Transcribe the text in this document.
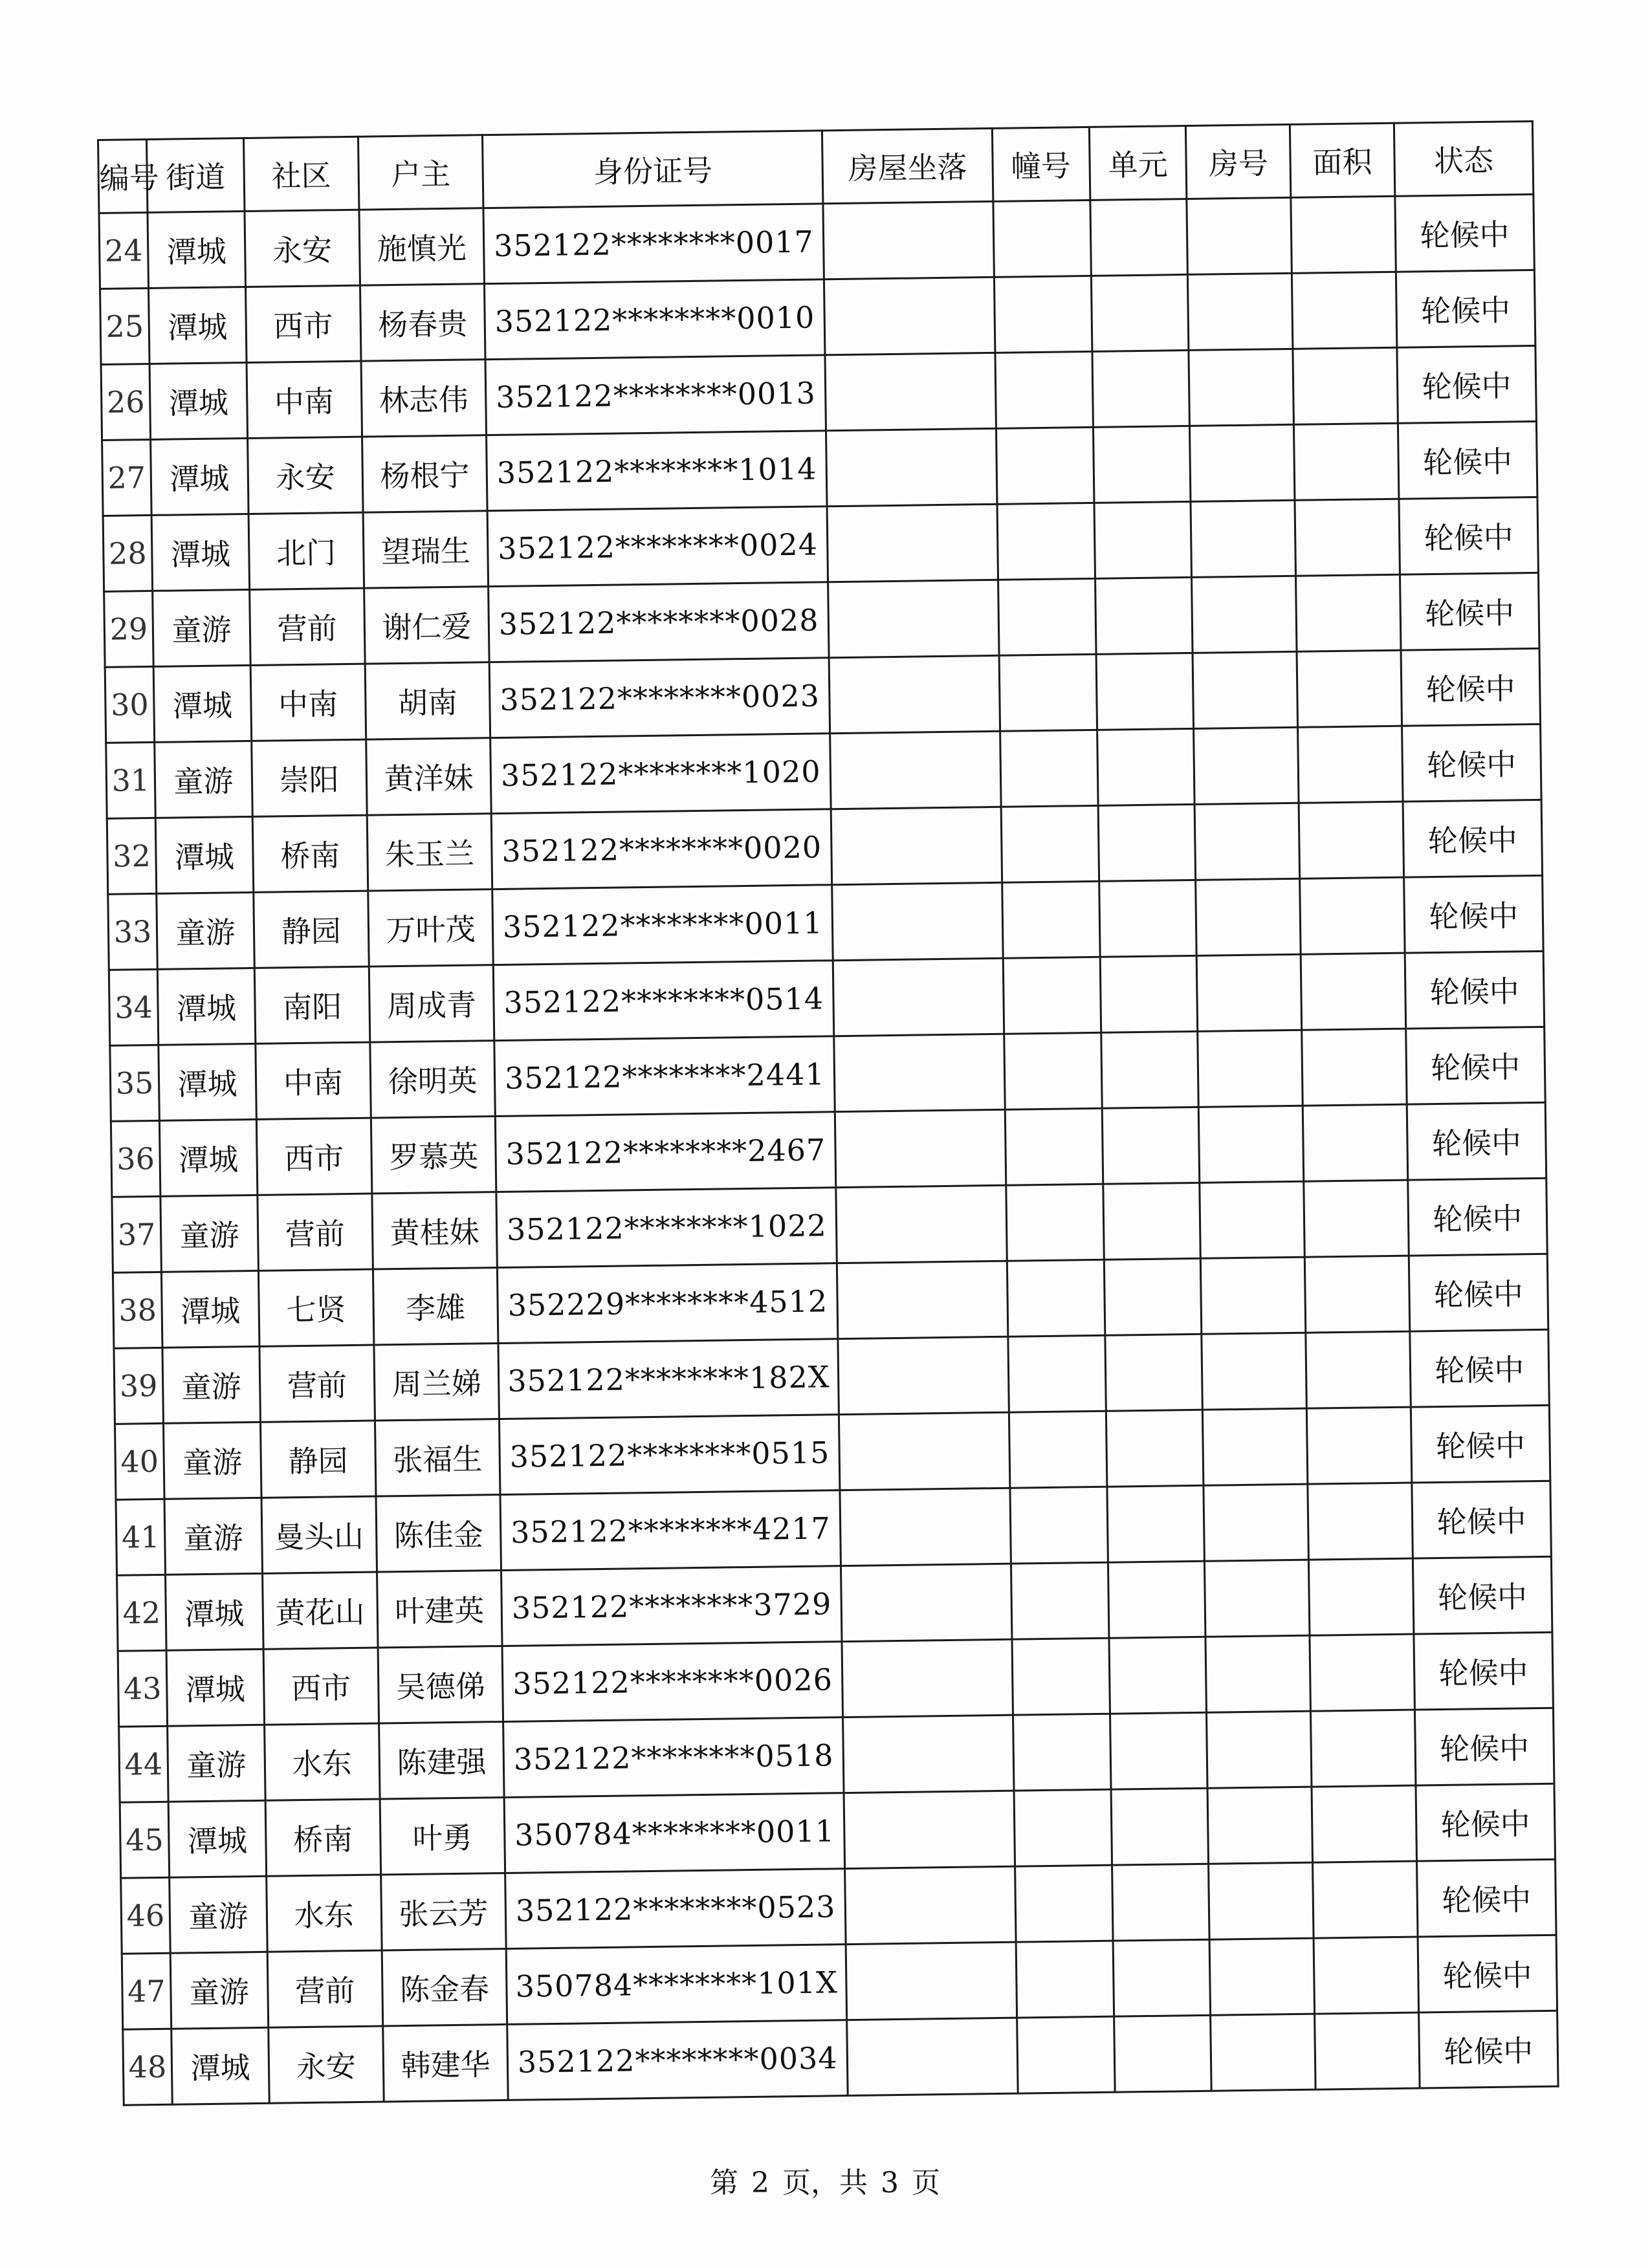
编号	街道	社区	户主	身份证号	房屋坐落	幢号	单元	房号	面积	状态
24	潭城	永安	施慎光	352122********0017						轮候中
25	潭城	西市	杨春贵	352122********0010						轮候中
26	潭城	中南	林志伟	352122********0013						轮候中
27	潭城	永安	杨根宁	352122********1014						轮候中
28	潭城	北门	望瑞生	352122********0024						轮候中
29	童游	营前	谢仁爱	352122********0028						轮候中
30	潭城	中南	胡南	352122********0023						轮候中
31	童游	崇阳	黄洋妹	352122********1020						轮候中
32	潭城	桥南	朱玉兰	352122********0020						轮候中
33	童游	静园	万叶茂	352122********0011						轮候中
34	潭城	南阳	周成青	352122********0514						轮候中
35	潭城	中南	徐明英	352122********2441						轮候中
36	潭城	西市	罗慕英	352122********2467						轮候中
37	童游	营前	黄桂妹	352122********1022						轮候中
38	潭城	七贤	李雄	352229********4512						轮候中
39	童游	营前	周兰娣	352122********182X						轮候中
40	童游	静园	张福生	352122********0515						轮候中
41	童游	曼头山	陈佳金	352122********4217						轮候中
42	潭城	黄花山	叶建英	352122********3729						轮候中
43	潭城	西市	吴德俤	352122********0026						轮候中
44	童游	水东	陈建强	352122********0518						轮候中
45	潭城	桥南	叶勇	350784********0011						轮候中
46	童游	水东	张云芳	352122********0523						轮候中
47	童游	营前	陈金春	350784********101X						轮候中
48	潭城	永安	韩建华	352122********0034						轮候中
第 2 页，共 3 页
